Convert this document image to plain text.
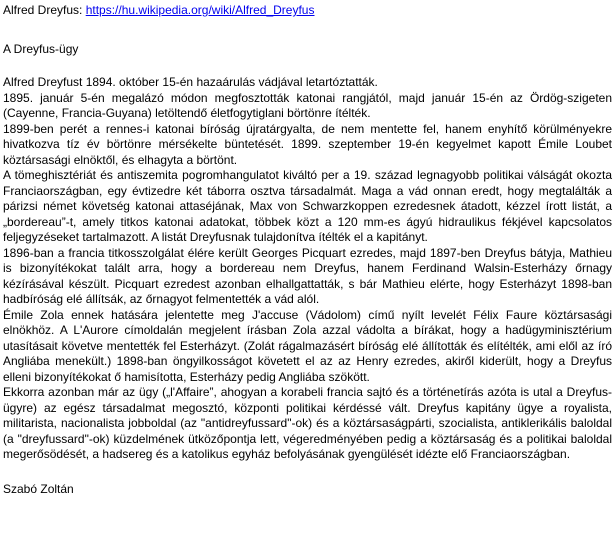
Alfred Dreyfus: https://hu.wikipedia.org/wiki/Alfred_Dreyfus
A Dreyfus-ügy

Alfred Dreyfust 1894. október 15-én hazaárulás vádjával letartóztatták.

1895. január 5-én megalázó módon megfosztották katonai rangjától, majd január 15-én az Ördög-szigeten (Cayenne, Francia-Guyana) letöltendő életfogytiglani börtönre ítélték.

1899-ben perét a rennes-i katonai bíróság újratárgyalta, de nem mentette fel, hanem enyhítő körülményekre hivatkozva tíz év börtönre mérsékelte büntetését. 1899. szeptember 19-én kegyelmet kapott Émile Loubet köztársasági elnöktől, és elhagyta a börtönt.

A tömeghisztériát és antiszemita pogromhangulatot kiváltó per a 19. század legnagyobb politikai válságát okozta Franciaországban, egy évtizedre két táborra osztva társadalmát. Maga a vád onnan eredt, hogy megtalálták a párizsi német követség katonai attaséjának, Max von Schwarzkoppen ezredesnek átadott, kézzel írott listát, a „bordereau”-t, amely titkos katonai adatokat, többek közt a 120 mm-es ágyú hidraulikus fékjével kapcsolatos feljegyzéseket tartalmazott. A listát Dreyfusnak tulajdonítva ítélték el a kapitányt.

1896-ban a francia titkosszolgálat élére került Georges Picquart ezredes, majd 1897-ben Dreyfus bátyja, Mathieu is bizonyítékokat talált arra, hogy a bordereau nem Dreyfus, hanem Ferdinand Walsin-Esterházy őrnagy kézírásával készült. Picquart ezredest azonban elhallgattatták, s bár Mathieu elérte, hogy Esterházyt 1898-ban hadbíróság elé állítsák, az őrnagyot felmentették a vád alól.

Émile Zola ennek hatására jelentette meg J'accuse (Vádolom) című nyílt levelét Félix Faure köztársasági elnökhöz. A L'Aurore címoldalán megjelent írásban Zola azzal vádolta a bírákat, hogy a hadügyminisztérium utasításait követve mentették fel Esterházyt. (Zolát rágalmazásért bíróság elé állították és elítélték, ami elől az író Angliába menekült.) 1898-ban öngyilkosságot követett el az az Henry ezredes, akiről kiderült, hogy a Dreyfus elleni bizonyítékokat ő hamisította, Esterházy pedig Angliába szökött.

Ekkorra azonban már az ügy („l'Affaire”, ahogyan a korabeli francia sajtó és a történetírás azóta is utal a Dreyfus-ügyre) az egész társadalmat megosztó, központi politikai kérdéssé vált. Dreyfus kapitány ügye a royalista, militarista, nacionalista jobboldal (az "antidreyfussard"-ok) és a köztársaságpárti, szocialista, antiklerikális baloldal (a "dreyfussard"-ok) küzdelmének ütközőpontja lett, végeredményében pedig a köztársaság és a politikai baloldal megerősödését, a hadsereg és a katolikus egyház befolyásának gyengülését idézte elő Franciaországban.

Szabó Zoltán
